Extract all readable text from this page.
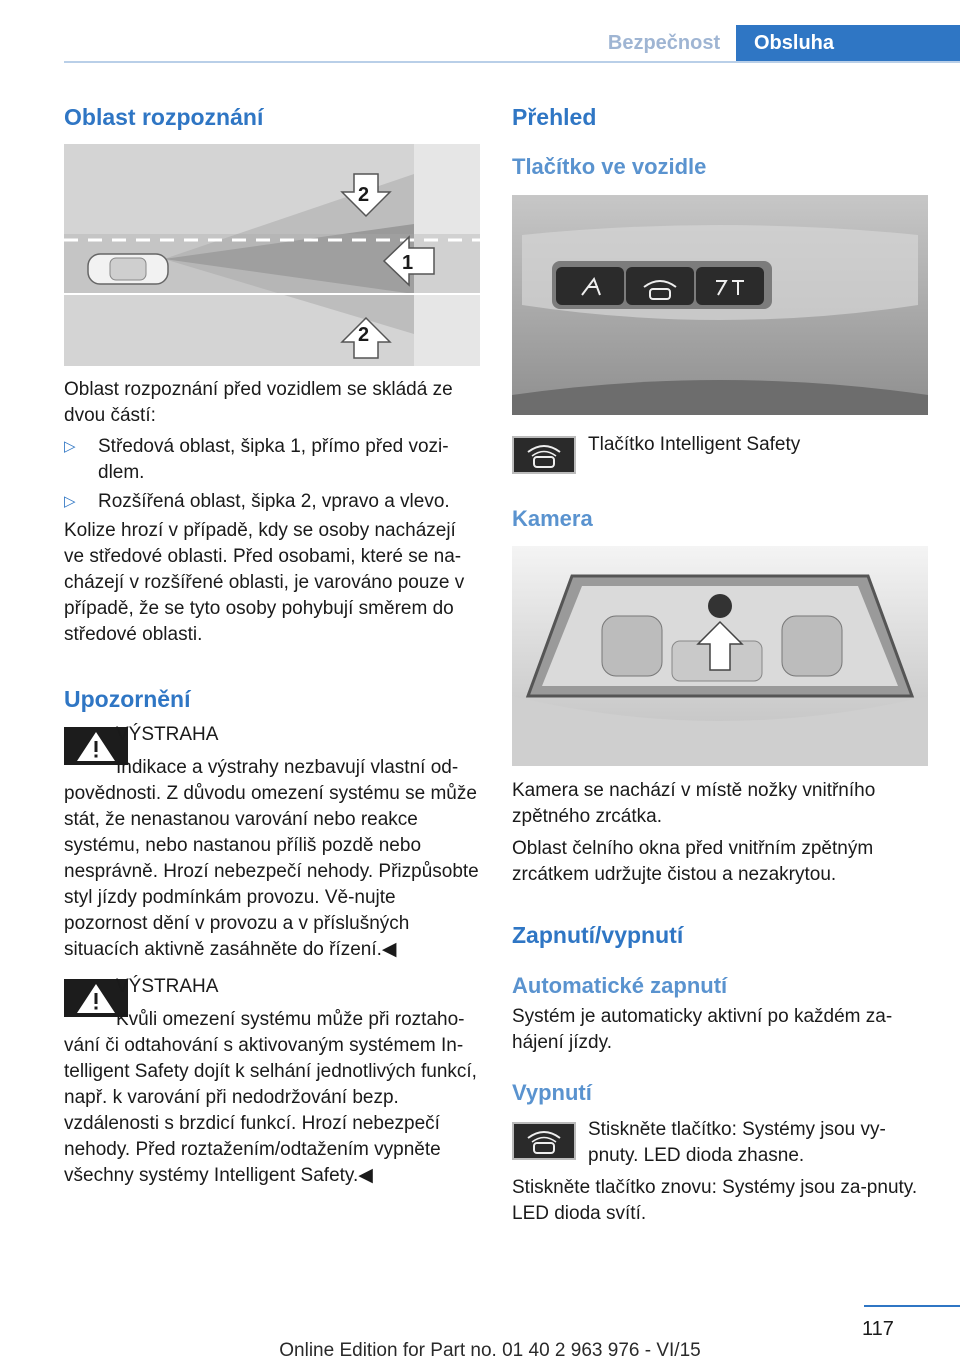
Bezpečnost	Obsluha
Oblast rozpoznání
2
1
2
Oblast rozpoznání před vozidlem se skládá ze dvou částí:
▷ Středová oblast, šipka 1, přímo před vozi‐dlem.
▷ Rozšířená oblast, šipka 2, vpravo a vlevo.
Kolize hrozí v případě, kdy se osoby nacházejí ve středové oblasti. Před osobami, které se na‐cházejí v rozšířené oblasti, je varováno pouze v případě, že se tyto osoby pohybují směrem do středové oblasti.
Upozornění
VÝSTRAHA
Indikace a výstrahy nezbavují vlastní od‐povědnosti. Z důvodu omezení systému se může stát, že nenastanou varování nebo reakce systému, nebo nastanou příliš pozdě nebo nesprávně. Hrozí nebezpečí nehody. Přizpůsobte styl jízdy podmínkám provozu. Vě‐nujte pozornost dění v provozu a v příslušných situacích aktivně zasáhněte do řízení.◀
VÝSTRAHA
Kvůli omezení systému může při roztaho‐vání či odtahování s aktivovaným systémem In‐telligent Safety dojít k selhání jednotlivých funkcí, např. k varování při nedodržování bezp. vzdálenosti s brzdicí funkcí. Hrozí nebezpečí nehody. Před roztažením/odtažením vypněte všechny systémy Intelligent Safety.◀
Přehled
Tlačítko ve vozidle
Tlačítko Intelligent Safety
Kamera
Kamera se nachází v místě nožky vnitřního zpětného zrcátka.
Oblast čelního okna před vnitřním zpětným zrcátkem udržujte čistou a nezakrytou.
Zapnutí/vypnutí
Automatické zapnutí
Systém je automaticky aktivní po každém za‐hájení jízdy.
Vypnutí
Stiskněte tlačítko: Systémy jsou vy‐pnuty. LED dioda zhasne.
Stiskněte tlačítko znovu: Systémy jsou za‐pnuty. LED dioda svítí.
117
Online Edition for Part no. 01 40 2 963 976 - VI/15
